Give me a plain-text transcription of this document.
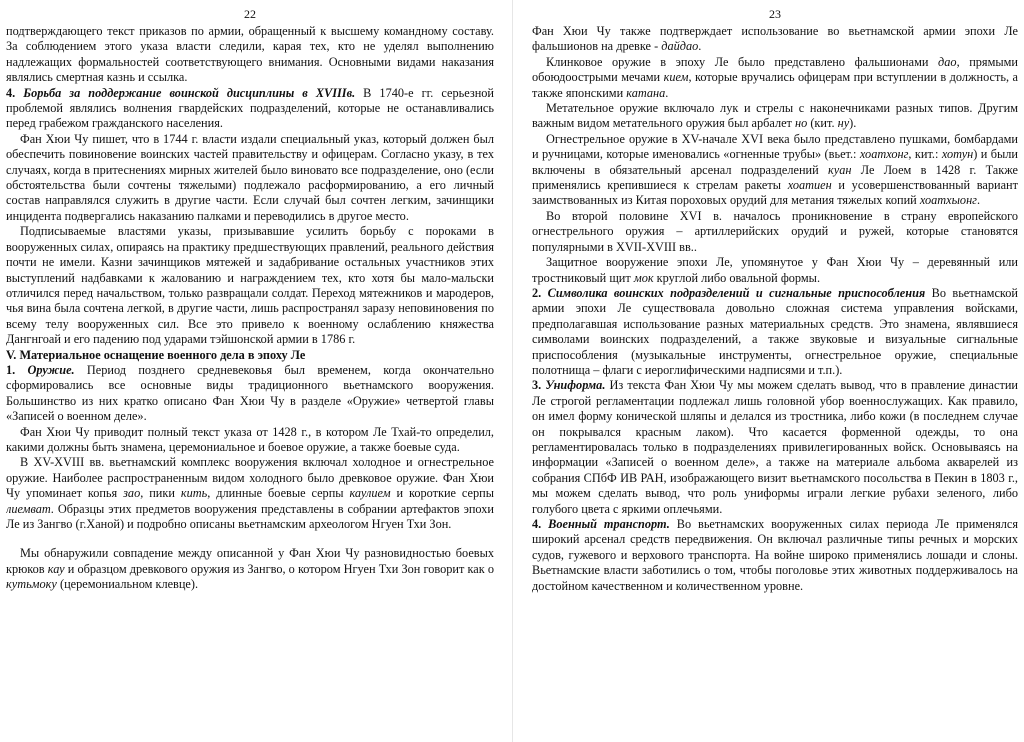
22

подтверждающего текст приказов по армии, обращенный к высшему командному составу. За соблюдением этого указа власти следили, карая тех, кто не уделял выполнению надлежащих формальностей соответствующего внимания. Основными видами наказания являлись смертная казнь и ссылка.

4. Борьба за поддержание воинской дисциплины в XVIIIв. В 1740-е гг. серьезной проблемой являлись волнения гвардейских подразделений, которые не останавливались перед грабежом гражданского населения.

Фан Хюи Чу пишет, что в 1744 г. власти издали специальный указ, который должен был обеспечить повиновение воинских частей правительству и офицерам. Согласно указу, в тех случаях, когда в притеснениях мирных жителей было виновато все подразделение, оно (если обстоятельства были сочтены тяжелыми) подлежало расформированию, а его личный состав направлялся служить в другие части. Если случай был сочтен легким, зачинщики инцидента подвергались наказанию палками и переводились в другое место.

Подписываемые властями указы, призывавшие усилить борьбу с пороками в вооруженных силах, опираясь на практику предшествующих правлений, реального действия почти не имели. Казни зачинщиков мятежей и задабривание остальных участников этих выступлений надбавками к жалованию и награждением тех, кто хотя бы мало-мальски отличился перед начальством, только развращали солдат. Переход мятежников и мародеров, чья вина была сочтена легкой, в другие части, лишь распространял заразу неповиновения по всему телу вооруженных сил. Все это привело к военному ослаблению княжества Дангнгоай и его падению под ударами тэйшонской армии в 1786 г.

V. Материальное оснащение военного дела в эпоху Ле

1. Оружие. Период позднего средневековья был временем, когда окончательно сформировались все основные виды традиционного вьетнамского вооружения. Большинство из них кратко описано Фан Хюи Чу в разделе «Оружие» четвертой главы «Записей о военном деле».

Фан Хюи Чу приводит полный текст указа от 1428 г., в котором Ле Тхай-то определил, какими должны быть знамена, церемониальное и боевое оружие, а также боевые суда.

В XV-XVIII вв. вьетнамский комплекс вооружения включал холодное и огнестрельное оружие. Наиболее распространенным видом холодного было древковое оружие. Фан Хюи Чу упоминает копья зао, пики кить, длинные боевые серпы каулием и короткие серпы лиемват. Образцы этих предметов вооружения представлены в собрании артефактов эпохи Ле из Зангво (г.Ханой) и подробно описаны вьетнамским археологом Нгуен Тхи Зон.

Мы обнаружили совпадение между описанной у Фан Хюи Чу разновидностью боевых крюков кау и образцом древкового оружия из Зангво, о котором Нгуен Тхи Зон говорит как о кутьмоку (церемониальном клевце).

23

Фан Хюи Чу также подтверждает использование во вьетнамской армии эпохи Ле фальшионов на древке - дайдао.

Клинковое оружие в эпоху Ле было представлено фальшионами дао, прямыми обоюдоострыми мечами кием, которые вручались офицерам при вступлении в должность, а также японскими катана.

Метательное оружие включало лук и стрелы с наконечниками разных типов. Другим важным видом метательного оружия был арбалет но (кит. ну).

Огнестрельное оружие в XV-начале XVI века было представлено пушками, бомбардами и ручницами, которые именовались «огненные трубы» (вьет.: хоатхонг, кит.: хотун) и были включены в обязательный арсенал подразделений куан Ле Лоем в 1428 г. Также применялись крепившиеся к стрелам ракеты хоатиен и усовершенствованный вариант заимствованных из Китая пороховых орудий для метания тяжелых копий хоатхыонг.

Во второй половине XVI в. началось проникновение в страну европейского огнестрельного оружия – артиллерийских орудий и ружей, которые становятся популярными в XVII-XVIII вв..

Защитное вооружение эпохи Ле, упомянутое у Фан Хюи Чу – деревянный или тростниковый щит мок круглой либо овальной формы.

2. Символика воинских подразделений и сигнальные приспособления Во вьетнамской армии эпохи Ле существовала довольно сложная система управления войсками, предполагавшая использование разных материальных средств. Это знамена, являвшиеся символами воинских подразделений, а также звуковые и визуальные сигнальные приспособления (музыкальные инструменты, огнестрельное оружие, специальные полотнища – флаги с иероглифическими надписями и т.п.).

3. Униформа. Из текста Фан Хюи Чу мы можем сделать вывод, что в правление династии Ле строгой регламентации подлежал лишь головной убор военнослужащих. Как правило, он имел форму конической шляпы и делался из тростника, либо кожи (в последнем случае он покрывался красным лаком). Что касается форменной одежды, то она регламентировалась только в подразделениях привилегированных войск. Основываясь на информации «Записей о военном деле», а также на материале альбома акварелей из собрания СПбФ ИВ РАН, изображающего визит вьетнамского посольства в Пекин в 1803 г., мы можем сделать вывод, что роль униформы играли легкие рубахи зеленого, либо голубого цвета с яркими оплечьями.

4. Военный транспорт. Во вьетнамских вооруженных силах периода Ле применялся широкий арсенал средств передвижения. Он включал различные типы речных и морских судов, гужевого и верхового транспорта. На войне широко применялись лошади и слоны. Вьетнамские власти заботились о том, чтобы поголовье этих животных поддерживалось на достойном качественном и количественном уровне.
